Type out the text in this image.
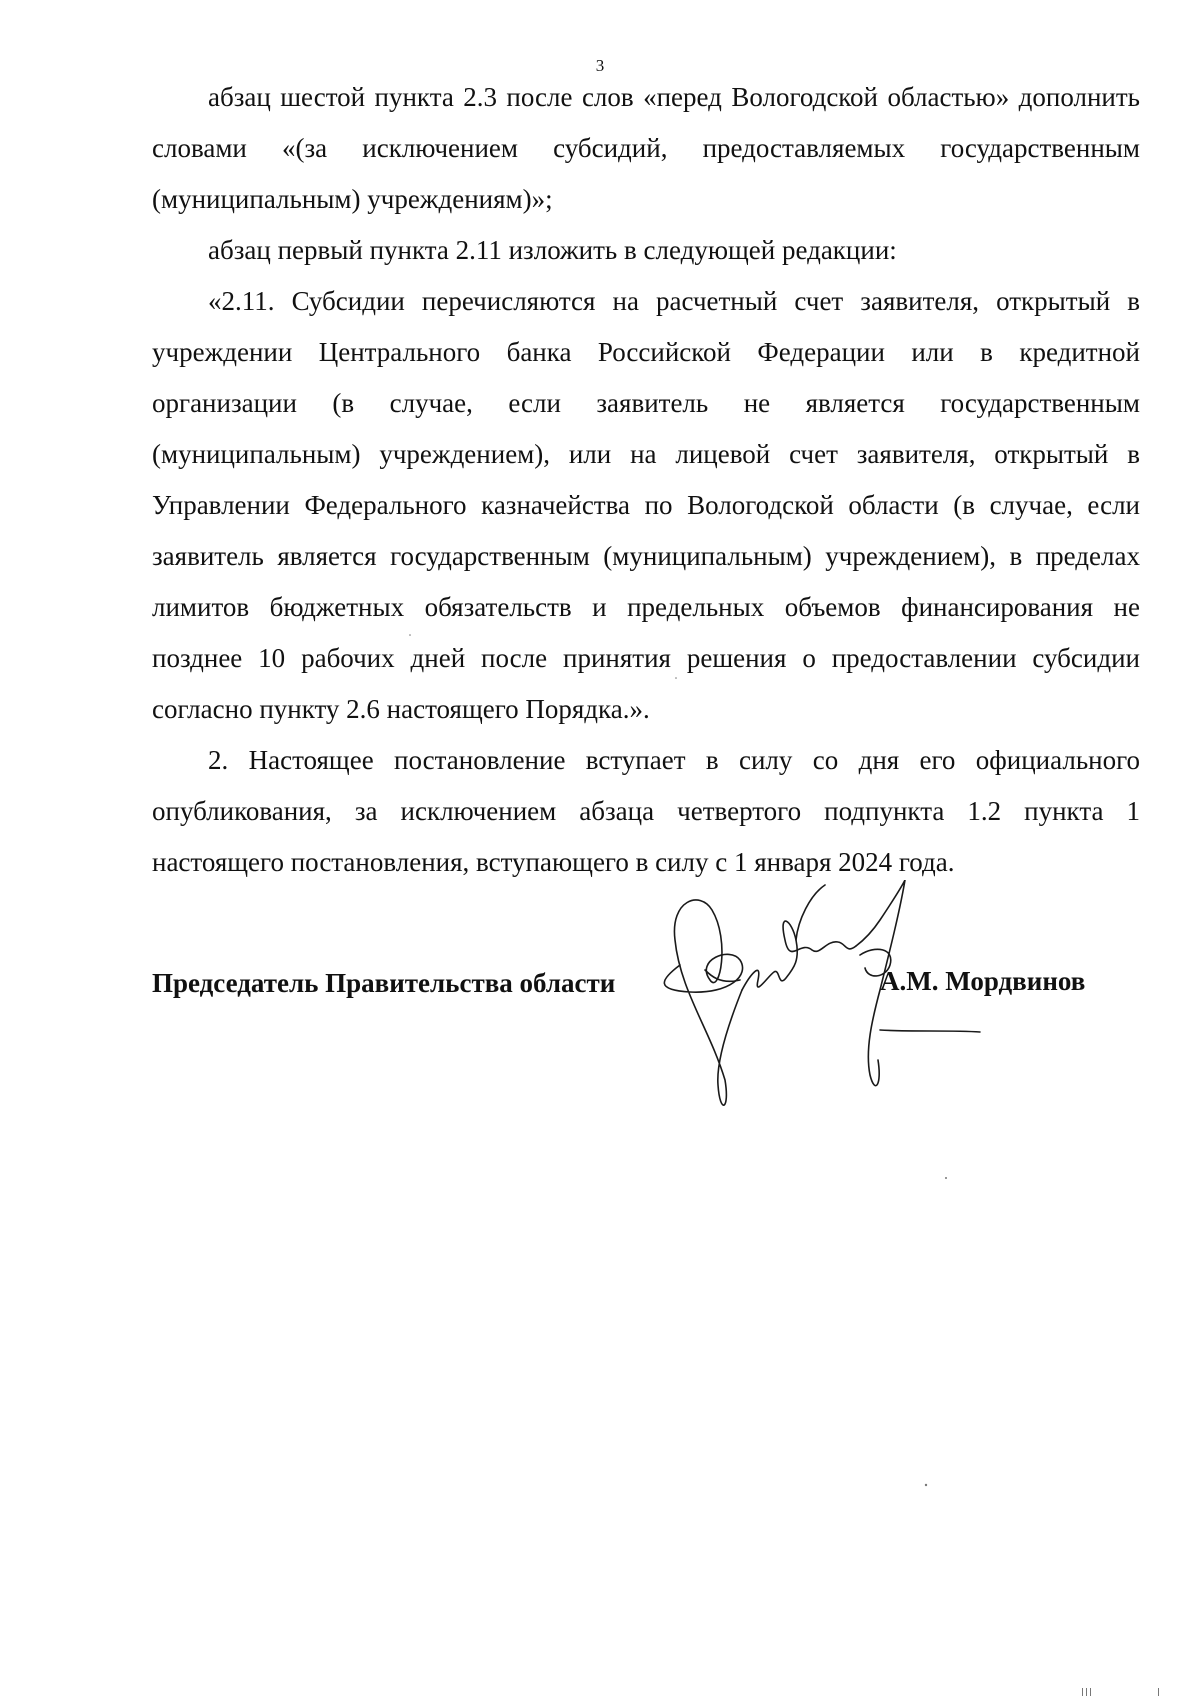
3

абзац шестой пункта 2.3 после слов «перед Вологодской областью» дополнить словами «(за исключением субсидий, предоставляемых государственным (муниципальным) учреждениям)»;

абзац первый пункта 2.11 изложить в следующей редакции:

«2.11. Субсидии перечисляются на расчетный счет заявителя, открытый в учреждении Центрального банка Российской Федерации или в кредитной организации (в случае, если заявитель не является государственным (муниципальным) учреждением), или на лицевой счет заявителя, открытый в Управлении Федерального казначейства по Вологодской области (в случае, если заявитель является государственным (муниципальным) учреждением), в пределах лимитов бюджетных обязательств и предельных объемов финансирования не позднее 10 рабочих дней после принятия решения о предоставлении субсидии согласно пункту 2.6 настоящего Порядка.».

2. Настоящее постановление вступает в силу со дня его официального опубликования, за исключением абзаца четвертого подпункта 1.2 пункта 1 настоящего постановления, вступающего в силу с 1 января 2024 года.

Председатель Правительства области	А.М. Мордвинов
